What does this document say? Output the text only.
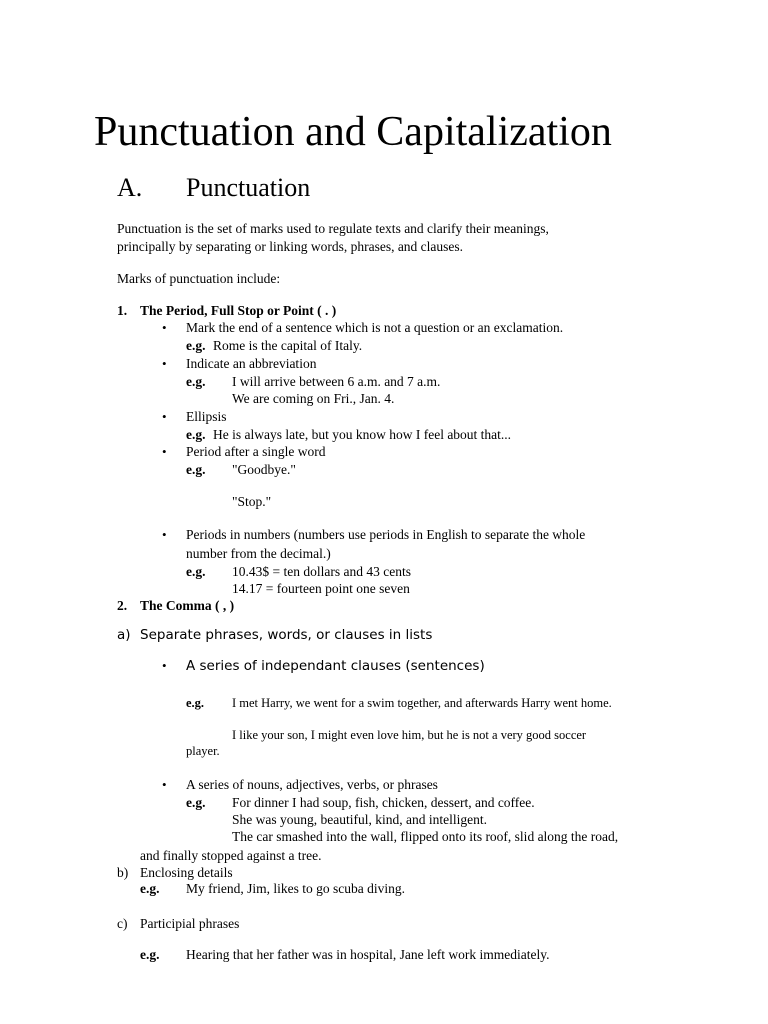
Punctuation and Capitalization
A. Punctuation
Punctuation is the set of marks used to regulate texts and clarify their meanings,
principally by separating or linking words, phrases, and clauses.
Marks of punctuation include:
1. The Period, Full Stop or Point ( . )
• Mark the end of a sentence which is not a question or an exclamation.
e.g. Rome is the capital of Italy.
• Indicate an abbreviation
e.g. I will arrive between 6 a.m. and 7 a.m.
We are coming on Fri., Jan. 4.
• Ellipsis
e.g. He is always late, but you know how I feel about that...
• Period after a single word
e.g. "Goodbye."
"Stop."
• Periods in numbers (numbers use periods in English to separate the whole
number from the decimal.)
e.g. 10.43$ = ten dollars and 43 cents
14.17 = fourteen point one seven
2. The Comma ( , )
a) Separate phrases, words, or clauses in lists
• A series of independant clauses (sentences)
e.g. I met Harry, we went for a swim together, and afterwards Harry went home.
I like your son, I might even love him, but he is not a very good soccer
player.
• A series of nouns, adjectives, verbs, or phrases
e.g. For dinner I had soup, fish, chicken, dessert, and coffee.
She was young, beautiful, kind, and intelligent.
The car smashed into the wall, flipped onto its roof, slid along the road,
and finally stopped against a tree.
b) Enclosing details
e.g. My friend, Jim, likes to go scuba diving.
c) Participial phrases
e.g. Hearing that her father was in hospital, Jane left work immediately.
